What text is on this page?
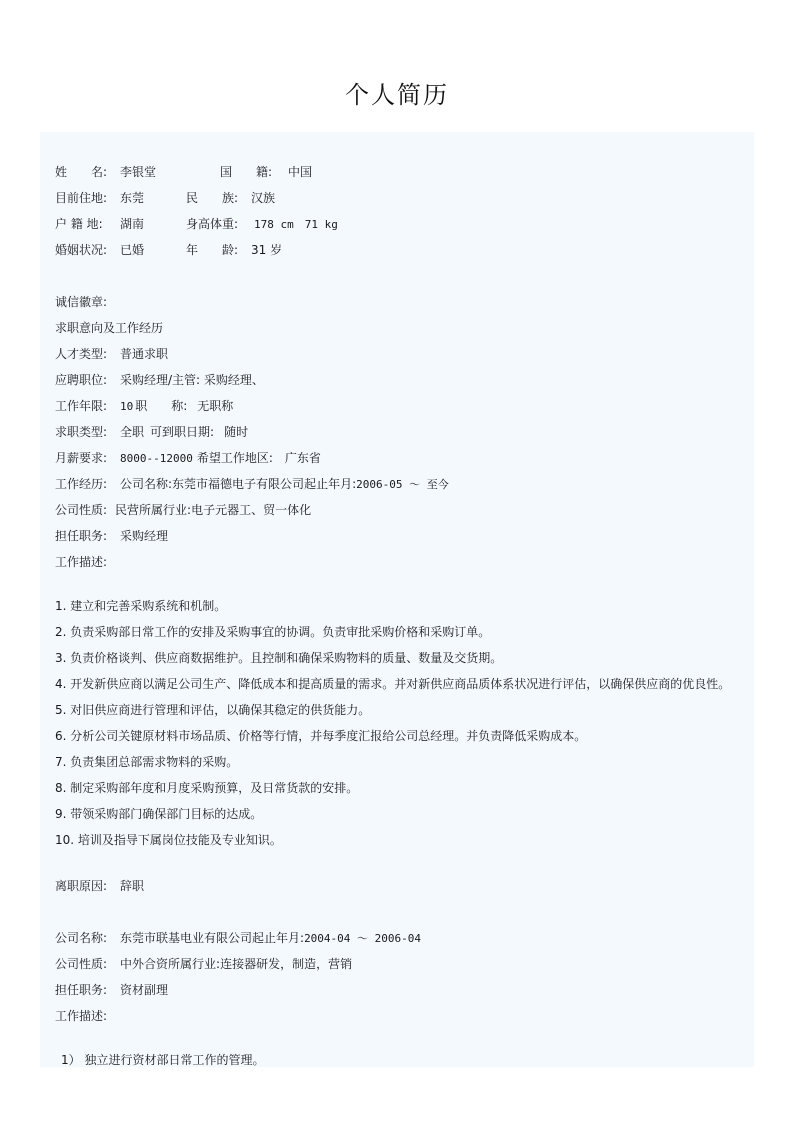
个人简历
姓　　名: 李银堂	国　　籍: 中国
目前住地: 东莞	民　　族: 汉族
户 籍 地: 湖南	身高体重: 178 cm　71 kg
婚姻状况: 已婚	年　　龄: 31 岁
诚信徽章:
求职意向及工作经历
人才类型: 普通求职
应聘职位: 采购经理/主管: 采购经理、
工作年限: 10 职　　称: 无职称
求职类型: 全职 可到职日期: 随时
月薪要求: 8000--12000 希望工作地区: 广东省
工作经历: 公司名称:东莞市福德电子有限公司起止年月:2006-05 ～ 至今
公司性质: 民营所属行业:电子元器工、贸一体化
担任职务: 采购经理
工作描述:
1. 建立和完善采购系统和机制。
2. 负责采购部日常工作的安排及采购事宜的协调。负责审批采购价格和采购订单。
3. 负责价格谈判、供应商数据维护。且控制和确保采购物料的质量、数量及交货期。
4. 开发新供应商以满足公司生产、降低成本和提高质量的需求。并对新供应商品质体系状况进行评估，以确保供应商的优良性。
5. 对旧供应商进行管理和评估，以确保其稳定的供货能力。
6. 分析公司关键原材料市场品质、价格等行情，并每季度汇报给公司总经理。并负责降低采购成本。
7. 负责集团总部需求物料的采购。
8. 制定采购部年度和月度采购预算，及日常货款的安排。
9. 带领采购部门确保部门目标的达成。
10. 培训及指导下属岗位技能及专业知识。
离职原因: 辞职
公司名称: 东莞市联基电业有限公司起止年月:2004-04 ～ 2006-04
公司性质: 中外合资所属行业:连接器研发，制造，营销
担任职务: 资材副理
工作描述:
1） 独立进行资材部日常工作的管理。
